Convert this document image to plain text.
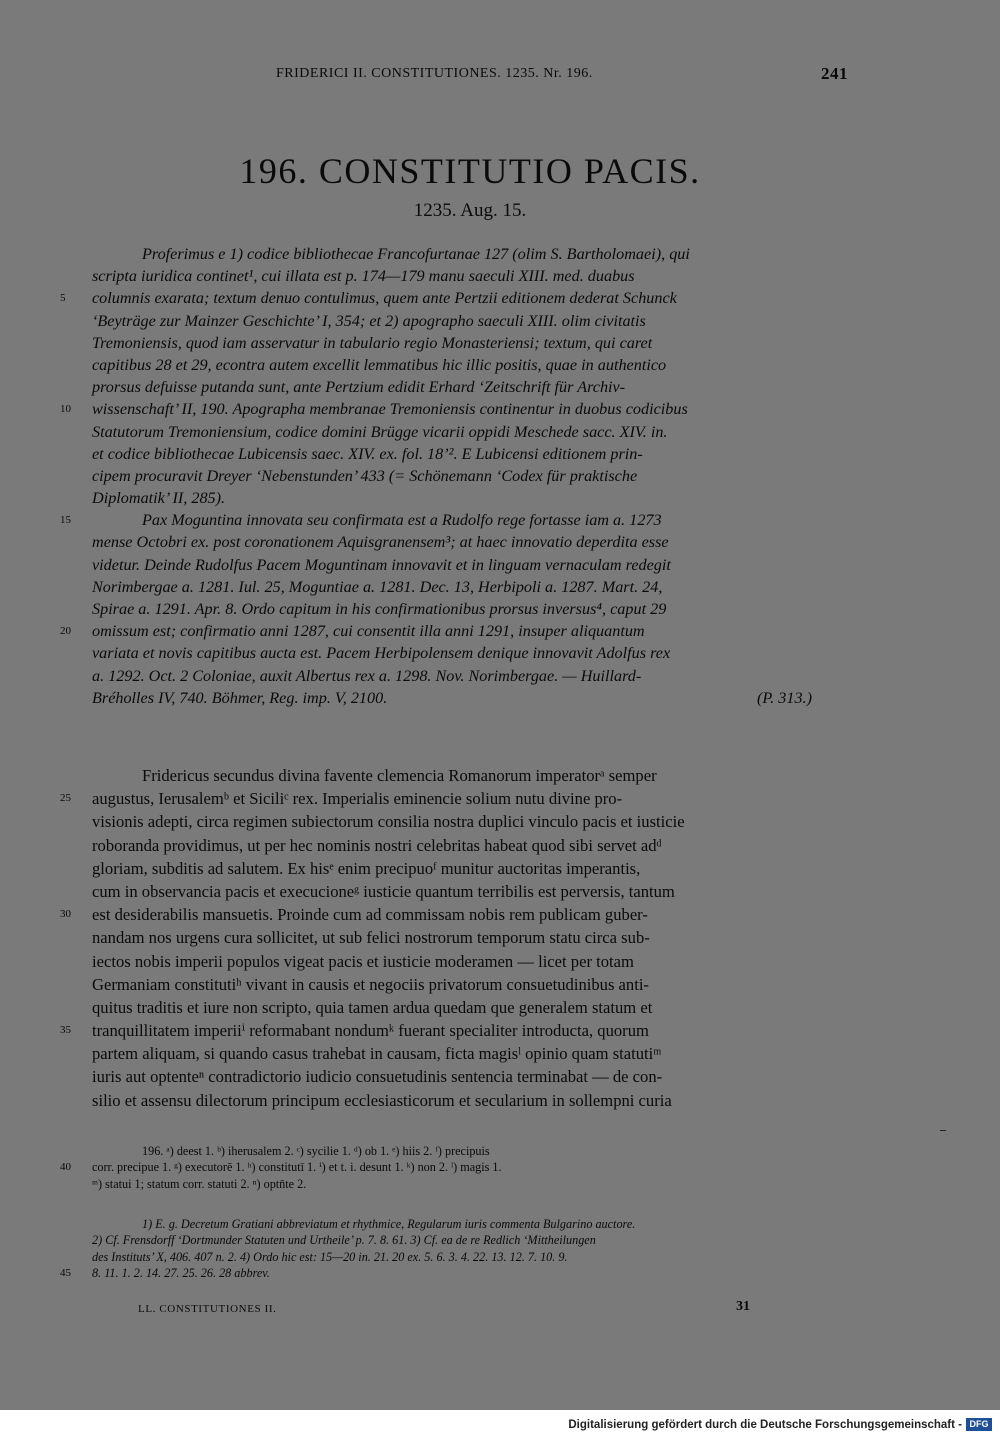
FRIDERICI II. CONSTITUTIONES. 1235. Nr. 196.	241
196. CONSTITUTIO PACIS.
1235. Aug. 15.
Proferimus e 1) codice bibliothecae Francofurtanae 127 (olim S. Bartholomaei), qui
scripta iuridica continet¹, cui illata est p. 174—179 manu saeculi XIII. med. duabus
5 columnis exarata; textum denuo contulimus, quem ante Pertzii editionem dederat Schunck
‘Beyträge zur Mainzer Geschichte’ I, 354; et 2) apographo saeculi XIII. olim civitatis
Tremoniensis, quod iam asservatur in tabulario regio Monasteriensi; textum, qui caret
capitibus 28 et 29, econtra autem excellit lemmatibus hic illic positis, quae in authentico
prorsus defuisse putanda sunt, ante Pertzium edidit Erhard ‘Zeitschrift für Archiv-
10 wissenschaft’ II, 190. Apographa membranae Tremoniensis continentur in duobus codicibus
Statutorum Tremoniensium, codice domini Brügge vicarii oppidi Meschede sacc. XIV. in.
et codice bibliothecae Lubicensis saec. XIV. ex. fol. 18’². E Lubicensi editionem prin-
cipem procuravit Dreyer ‘Nebenstunden’ 433 (= Schönemann ‘Codex für praktische
Diplomatik’ II, 285).
15	Pax Moguntina innovata seu confirmata est a Rudolfo rege fortasse iam a. 1273
mense Octobri ex. post coronationem Aquisgranensem³; at haec innovatio deperdita esse
videtur. Deinde Rudolfus Pacem Moguntinam innovavit et in linguam vernaculam redegit
Norimbergae a. 1281. Iul. 25, Moguntiae a. 1281. Dec. 13, Herbipoli a. 1287. Mart. 24,
Spirae a. 1291. Apr. 8. Ordo capitum in his confirmationibus prorsus inversus⁴, caput 29
20 omissum est; confirmatio anni 1287, cui consentit illa anni 1291, insuper aliquantum
variata et novis capitibus aucta est. Pacem Herbipolensem denique innovavit Adolfus rex
a. 1292. Oct. 2 Coloniae, auxit Albertus rex a. 1298. Nov. Norimbergae. — Huillard-
Bréholles IV, 740. Böhmer, Reg. imp. V, 2100.	(P. 313.)
Fridericus secundus divina favente clemencia Romanorum imperatorᵃ semper
25 augustus, Ierusalemᵇ et Siciliᶜ rex. Imperialis eminencie solium nutu divine pro-
visionis adepti, circa regimen subiectorum consilia nostra duplici vinculo pacis et iusticie
roboranda providimus, ut per hec nominis nostri celebritas habeat quod sibi servet adᵈ
gloriam, subditis ad salutem. Ex hisᵉ enim precipuoᶠ munitur auctoritas imperantis,
cum in observancia pacis et execucioneᵍ iusticie quantum terribilis est perversis, tantum
30 est desiderabilis mansuetis. Proinde cum ad commissam nobis rem publicam guber-
nandam nos urgens cura sollicitet, ut sub felici nostrorum temporum statu circa sub-
iectos nobis imperii populos vigeat pacis et iusticie moderamen — licet per totam
Germaniam constitutiʰ vivant in causis et negociis privatorum consuetudinibus anti-
quitus traditis et iure non scripto, quia tamen ardua quedam que generalem statum et
35 tranquillitatem imperiiⁱ reformabant nondumᵏ fuerant specialiter introducta, quorum
partem aliquam, si quando casus trahebat in causam, ficta magisˡ opinio quam statutiᵐ
iuris aut optenteⁿ contradictorio iudicio consuetudinis sentencia terminabat — de con-
silio et assensu dilectorum principum ecclesiasticorum et secularium in sollempni curia
196. ᵃ) deest 1. ᵇ) iherusalem 2. ᶜ) sycilie 1. ᵈ) ob 1. ᵉ) hiis 2. ᶠ) precipuis
40 corr. precipue 1. ᵍ) executorē 1. ʰ) constitutī 1. ⁱ) et t. i. desunt 1. ᵏ) non 2. ˡ) magis 1.
ᵐ) statui 1; statum corr. statuti 2. ⁿ) optn̄te 2.
1) E. g. Decretum Gratiani abbreviatum et rhythmice, Regularum iuris commenta Bulgarino auctore.
2) Cf. Frensdorff ‘Dortmunder Statuten und Urtheile’ p. 7. 8. 61. 3) Cf. ea de re Redlich ‘Mittheilungen
des Instituts’ X, 406. 407 n. 2. 4) Ordo hic est: 15—20 in. 21. 20 ex. 5. 6. 3. 4. 22. 13. 12. 7. 10. 9.
45 8. 11. 1. 2. 14. 27. 25. 26. 28 abbrev.
LL. CONSTITUTIONES II.	31
Digitalisierung gefördert durch die Deutsche Forschungsgemeinschaft - DFG
